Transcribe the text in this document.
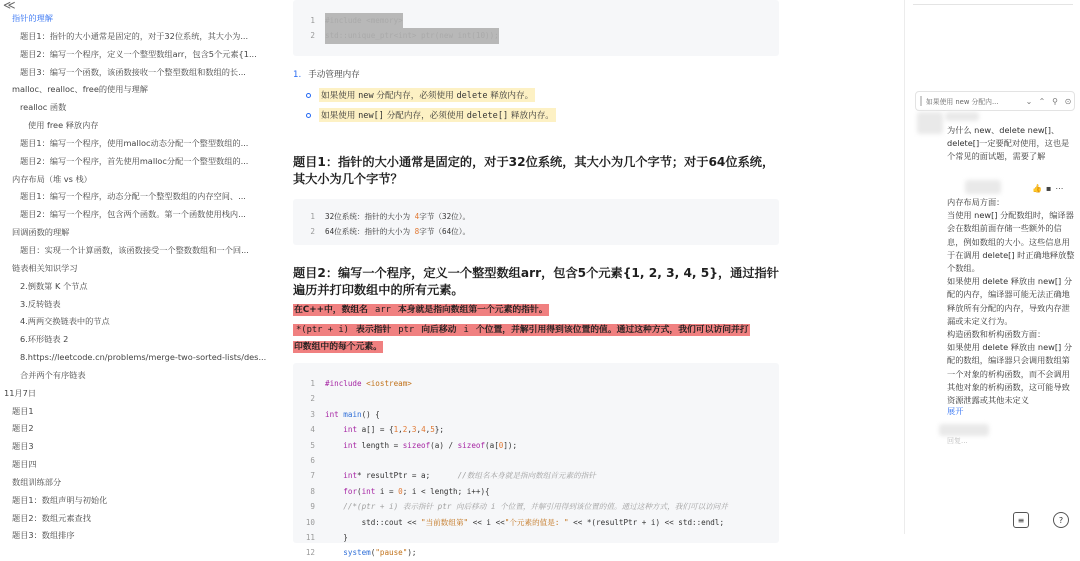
≪
指针的理解
题目1：指针的大小通常是固定的，对于32位系统，其大小为...
题目2：编写一个程序，定义一个整型数组arr，包含5个元素{1...
题目3：编写一个函数，该函数接收一个整型数组和数组的长...
malloc、realloc、free的使用与理解
realloc 函数
使用 free 释放内存
题目1：编写一个程序，使用malloc动态分配一个整型数组的...
题目2：编写一个程序，首先使用malloc分配一个整型数组的...
内存布局（堆 vs 栈）
题目1：编写一个程序，动态分配一个整型数组的内存空间、...
题目2：编写一个程序，包含两个函数。第一个函数使用栈内...
回调函数的理解
题目：实现一个计算函数，该函数接受一个整数数组和一个回...
链表相关知识学习
2.倒数第 K 个节点
3.反转链表
4.两两交换链表中的节点
6.环形链表 2
8.https://leetcode.cn/problems/merge-two-sorted-lists/des...
合并两个有序链表
11月7日
题目1
题目2
题目3
题目四
数组训练部分
题目1：数组声明与初始化
题目2：数组元素查找
题目3：数组排序
1 #include <memory>
2 std::unique_ptr<int> ptr(new int(10));
1. 手动管理内存
如果使用 new 分配内存，必须使用 delete 释放内存。
如果使用 new[] 分配内存，必须使用 delete[] 释放内存。
题目1：指针的大小通常是固定的，对于32位系统，其大小为几个字节；对于64位系统，其大小为几个字节？
1 32位系统：指针的大小为 4 字节（32位）。
2 64位系统：指针的大小为 8 字节（64位）。
题目2：编写一个程序，定义一个整型数组arr，包含5个元素{1, 2, 3, 4, 5}，通过指针遍历并打印数组中的所有元素。
在C++中，数组名 arr 本身就是指向数组第一个元素的指针。
*(ptr + i) 表示指针 ptr 向后移动 i 个位置，并解引用得到该位置的值。通过这种方式，我们可以访问并打
印数组中的每个元素。
1 #include <iostream>
2
3 int main() {
4	int a[] = {1,2,3,4,5};
5	int length = sizeof(a) / sizeof(a[0]);
6
7	int* resultPtr = a;      //数组名本身就是指向数组首元素的指针
8	for(int i = 0; i < length; i++){
9	//*(ptr + i) 表示指针 ptr 向后移动 i 个位置，并解引用得到该位置的值。通过这种方式，我们可以访问并
10 std::cout << "当前数组第" << i <<"个元素的值是: " << *(resultPtr + i) << std::endl;
11 }
12	system("pause");
如果使用 new 分配内...	⌄ ⌃ ⚲ ⊙
为什么 new、delete new[]、delete[]一定要配对使用，这也是个常见的面试题，需要了解
👍 ▪ ⋯
内存布局方面：
当使用 new[] 分配数组时，编译器会在数组前面存储一些额外的信息，例如数组的大小。这些信息用于在调用 delete[] 时正确地释放整个数组。
如果使用 delete 释放由 new[] 分配的内存，编译器可能无法正确地释放所有分配的内存，导致内存泄漏或未定义行为。
构造函数和析构函数方面：
如果使用 delete 释放由 new[] 分配的数组，编译器只会调用数组第一个对象的析构函数，而不会调用其他对象的析构函数，这可能导致资源泄露或其他未定义
展开
回复...
≡	?
